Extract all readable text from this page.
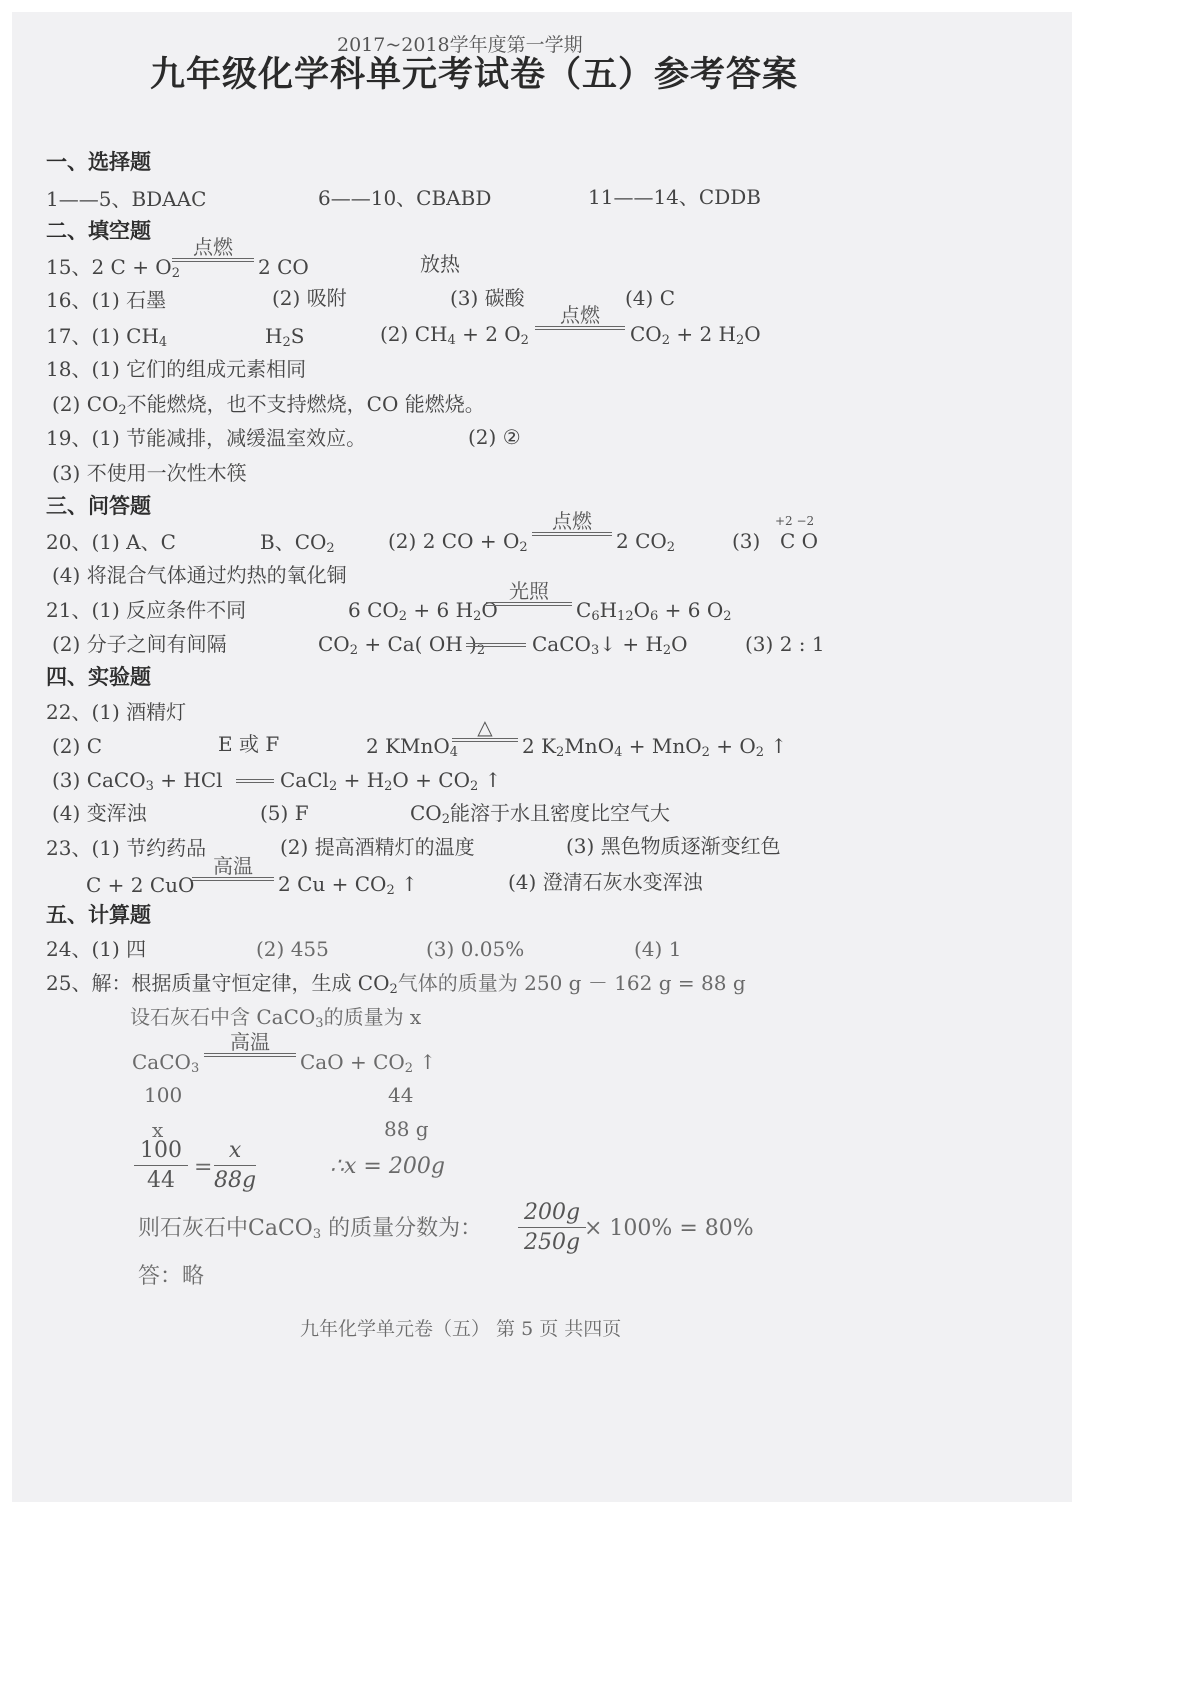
2017~2018学年度第一学期
九年级化学科单元考试卷（五）参考答案
一、选择题
1——5、BDAAC	6——10、CBABD	11——14、CDDB
二、填空题
15、2 $C + O_2$
点燃
2 CO	放热
16、(1) 石墨	(2) 吸附	(3) 碳酸	(4) C
17、(1) $CH_4$	$H_2S$	(2) $CH_4 + 2$ $O_2$
点燃
$CO_2 + 2$ $H_2O$
18、(1) 它们的组成元素相同
(2) $CO_2$不能燃烧，也不支持燃烧，CO 能燃烧。
19、(1) 节能减排，减缓温室效应。	(2) ②
(3) 不使用一次性木筷
三、问答题
20、(1) A、C	B、$CO_2$	(2) 2 CO + $O_2$
点燃
2 $CO_2$	(3)
+2 −2
C O
(4) 将混合气体通过灼热的氧化铜
21、(1) 反应条件不同	6 $CO_2 + 6$ $H_2O$
光照
$C_6H_{12}O_6 + 6$ $O_2$
(2) 分子之间有间隔	$CO_2 + Ca$( OH )$_2$ CaCO$_3$↓ + $H_2O$	(3) 2 : 1
四、实验题
22、(1) 酒精灯
(2) C	E 或 F	2 KMnO$_4$
△
2 $K_2MnO_4 + MnO_2 + O_2$ ↑
(3) CaCO$_3$ + HCl	CaCl$_2$ + $H_2O + CO_2$ ↑
(4) 变浑浊	(5) F	$CO_2$能溶于水且密度比空气大
23、(1) 节约药品	(2) 提高酒精灯的温度	(3) 黑色物质逐渐变红色
C + 2 CuO
高温
2 $Cu + CO_2$ ↑	(4) 澄清石灰水变浑浊
五、计算题
24、(1) 四	(2) 455	(3) 0.05%	(4) 1
25、解：根据质量守恒定律，生成 $CO_2$气体的质量为 250 g － 162 g = 88 g
设石灰石中含 CaCO$_3$的质量为 x
CaCO$_3$
高温
CaO + $CO_2$ ↑
100	44
x	88 g
$\frac{100}{44} = \frac{x}{88g}$	∴x = 200g
则石灰石中CaCO$_3$ 的质量分数为： $\frac{200g}{250g}$
× 100% = 80%
答：略
九年化学单元卷（五） 第 5 页 共四页
